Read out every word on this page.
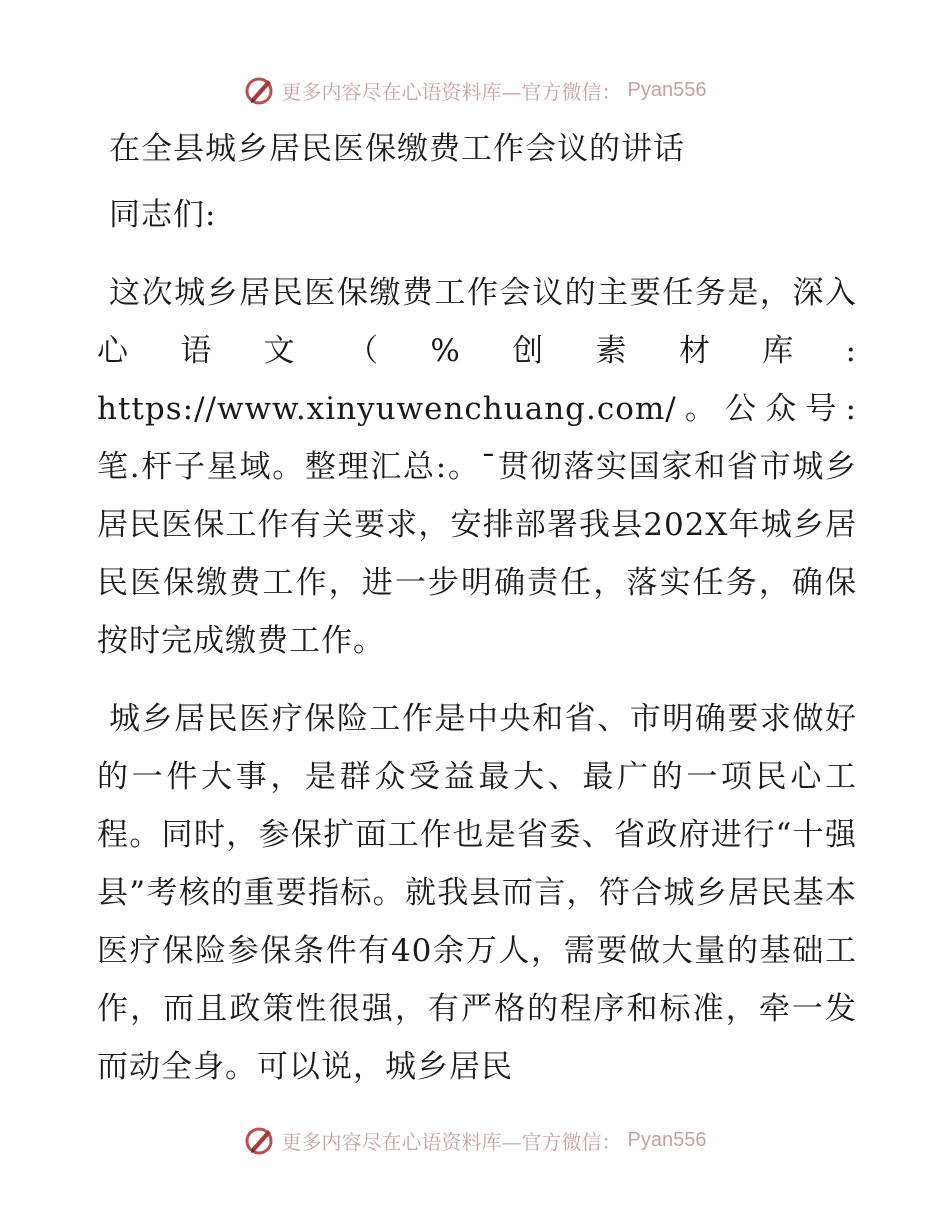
更多内容尽在心语资料库—官方微信： Pyan556
在全县城乡居民医保缴费工作会议的讲话

同志们:

这次城乡居民医保缴费工作会议的主要任务是，深入心语文（%创素材库: https://www.xinyuwenchuang.com/。公众号: 笔.杆子星域。整理汇总:。¯贯彻落实国家和省市城乡居民医保工作有关要求，安排部署我县202X年城乡居民医保缴费工作，进一步明确责任，落实任务，确保按时完成缴费工作。

城乡居民医疗保险工作是中央和省、市明确要求做好的一件大事，是群众受益最大、最广的一项民心工程。同时，参保扩面工作也是省委、省政府进行“十强县”考核的重要指标。就我县而言，符合城乡居民基本医疗保险参保条件有40余万人，需要做大量的基础工作，而且政策性很强，有严格的程序和标准，牵一发而动全身。可以说，城乡居民

更多内容尽在心语资料库—官方微信： Pyan556
